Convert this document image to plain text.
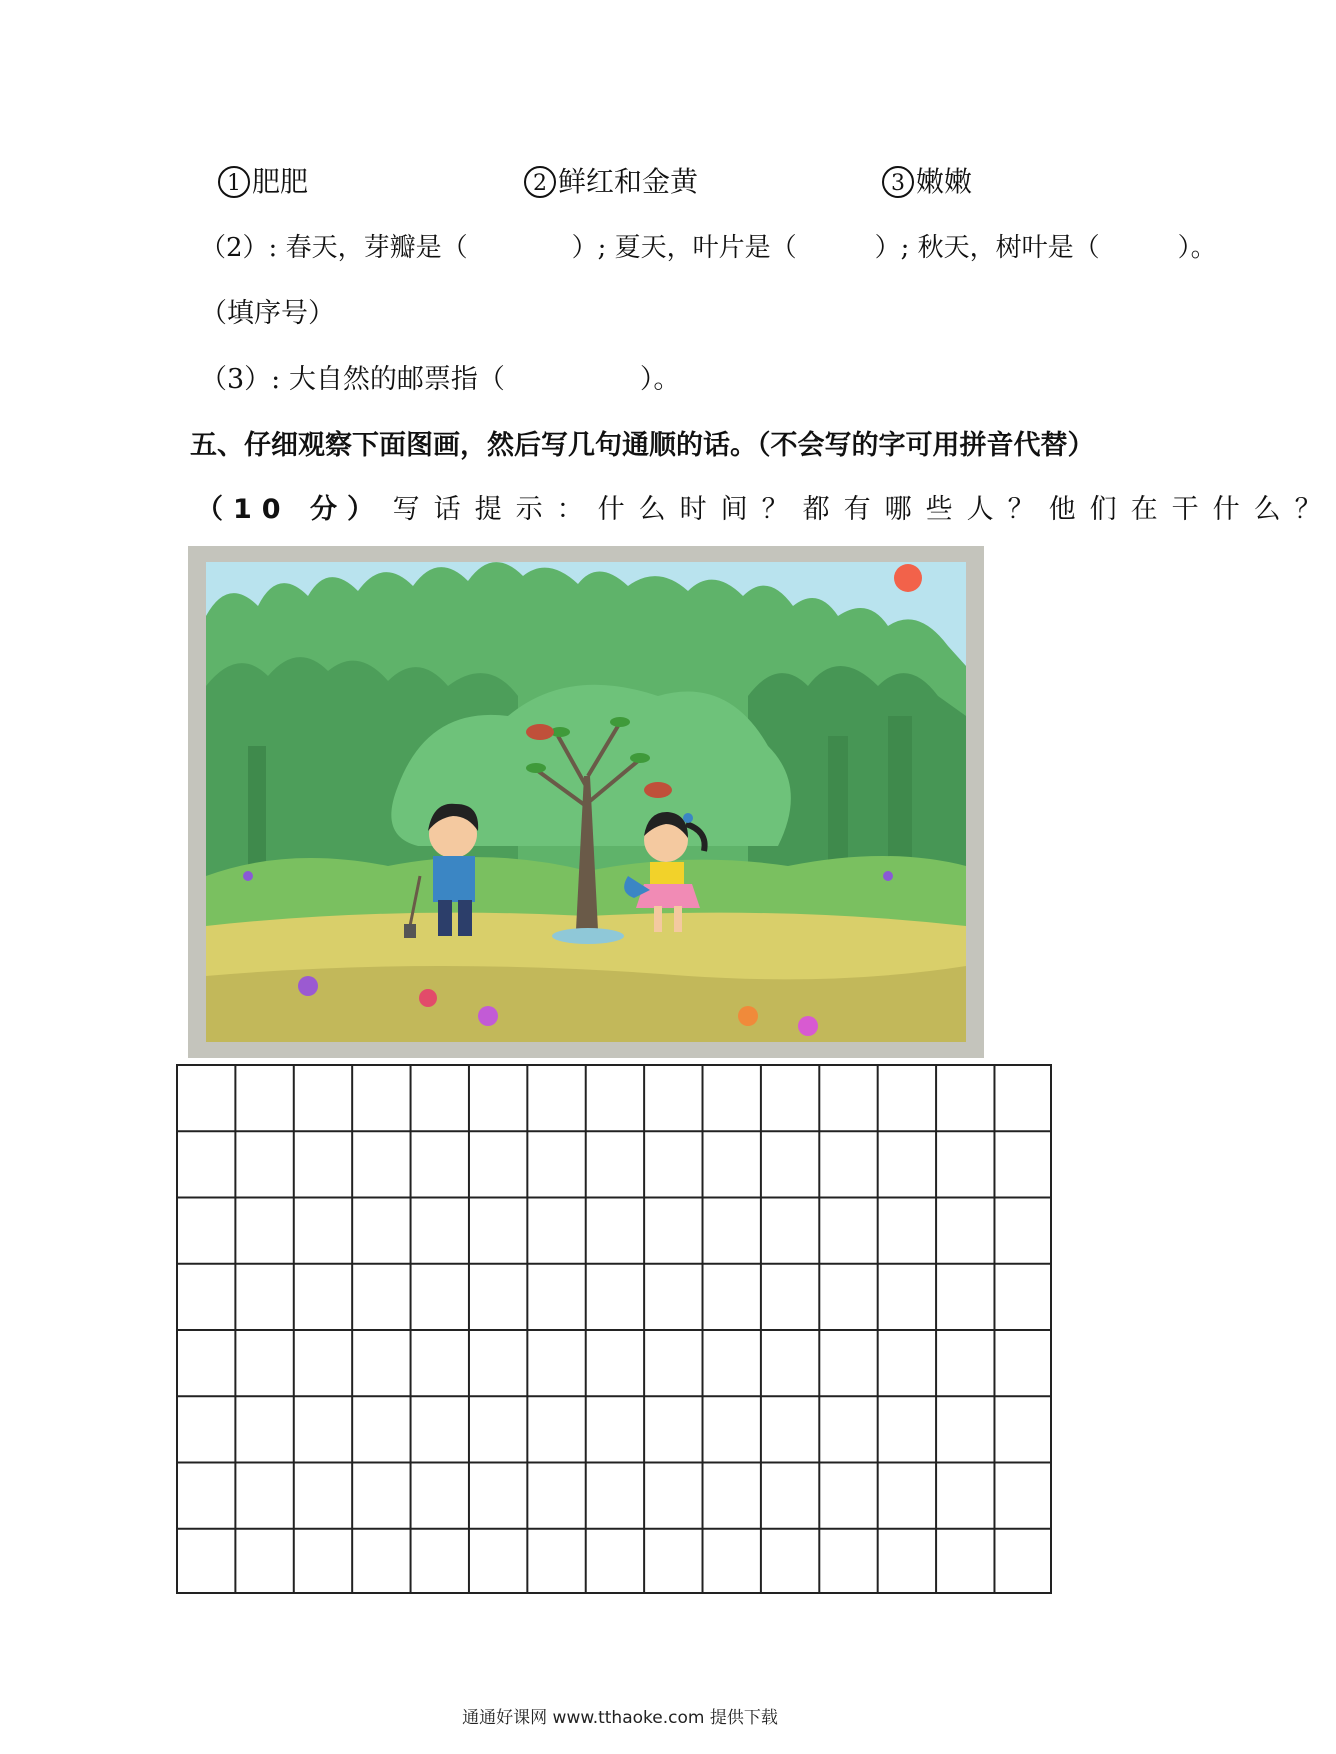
1 肥肥	2 鲜红和金黄	3 嫩嫩
（2）: 春天，芽瓣是（　　　　）; 夏天，叶片是（　　　）; 秋天，树叶是（　　　）。
（填序号）
（3）: 大自然的邮票指（　　　　　）。
五、仔细观察下面图画，然后写几句通顺的话。（不会写的字可用拼音代替）
（10 分） 写话提示：什么时间？都有哪些人？他们在干什么？
通通好课网 www.tthaoke.com 提供下载
